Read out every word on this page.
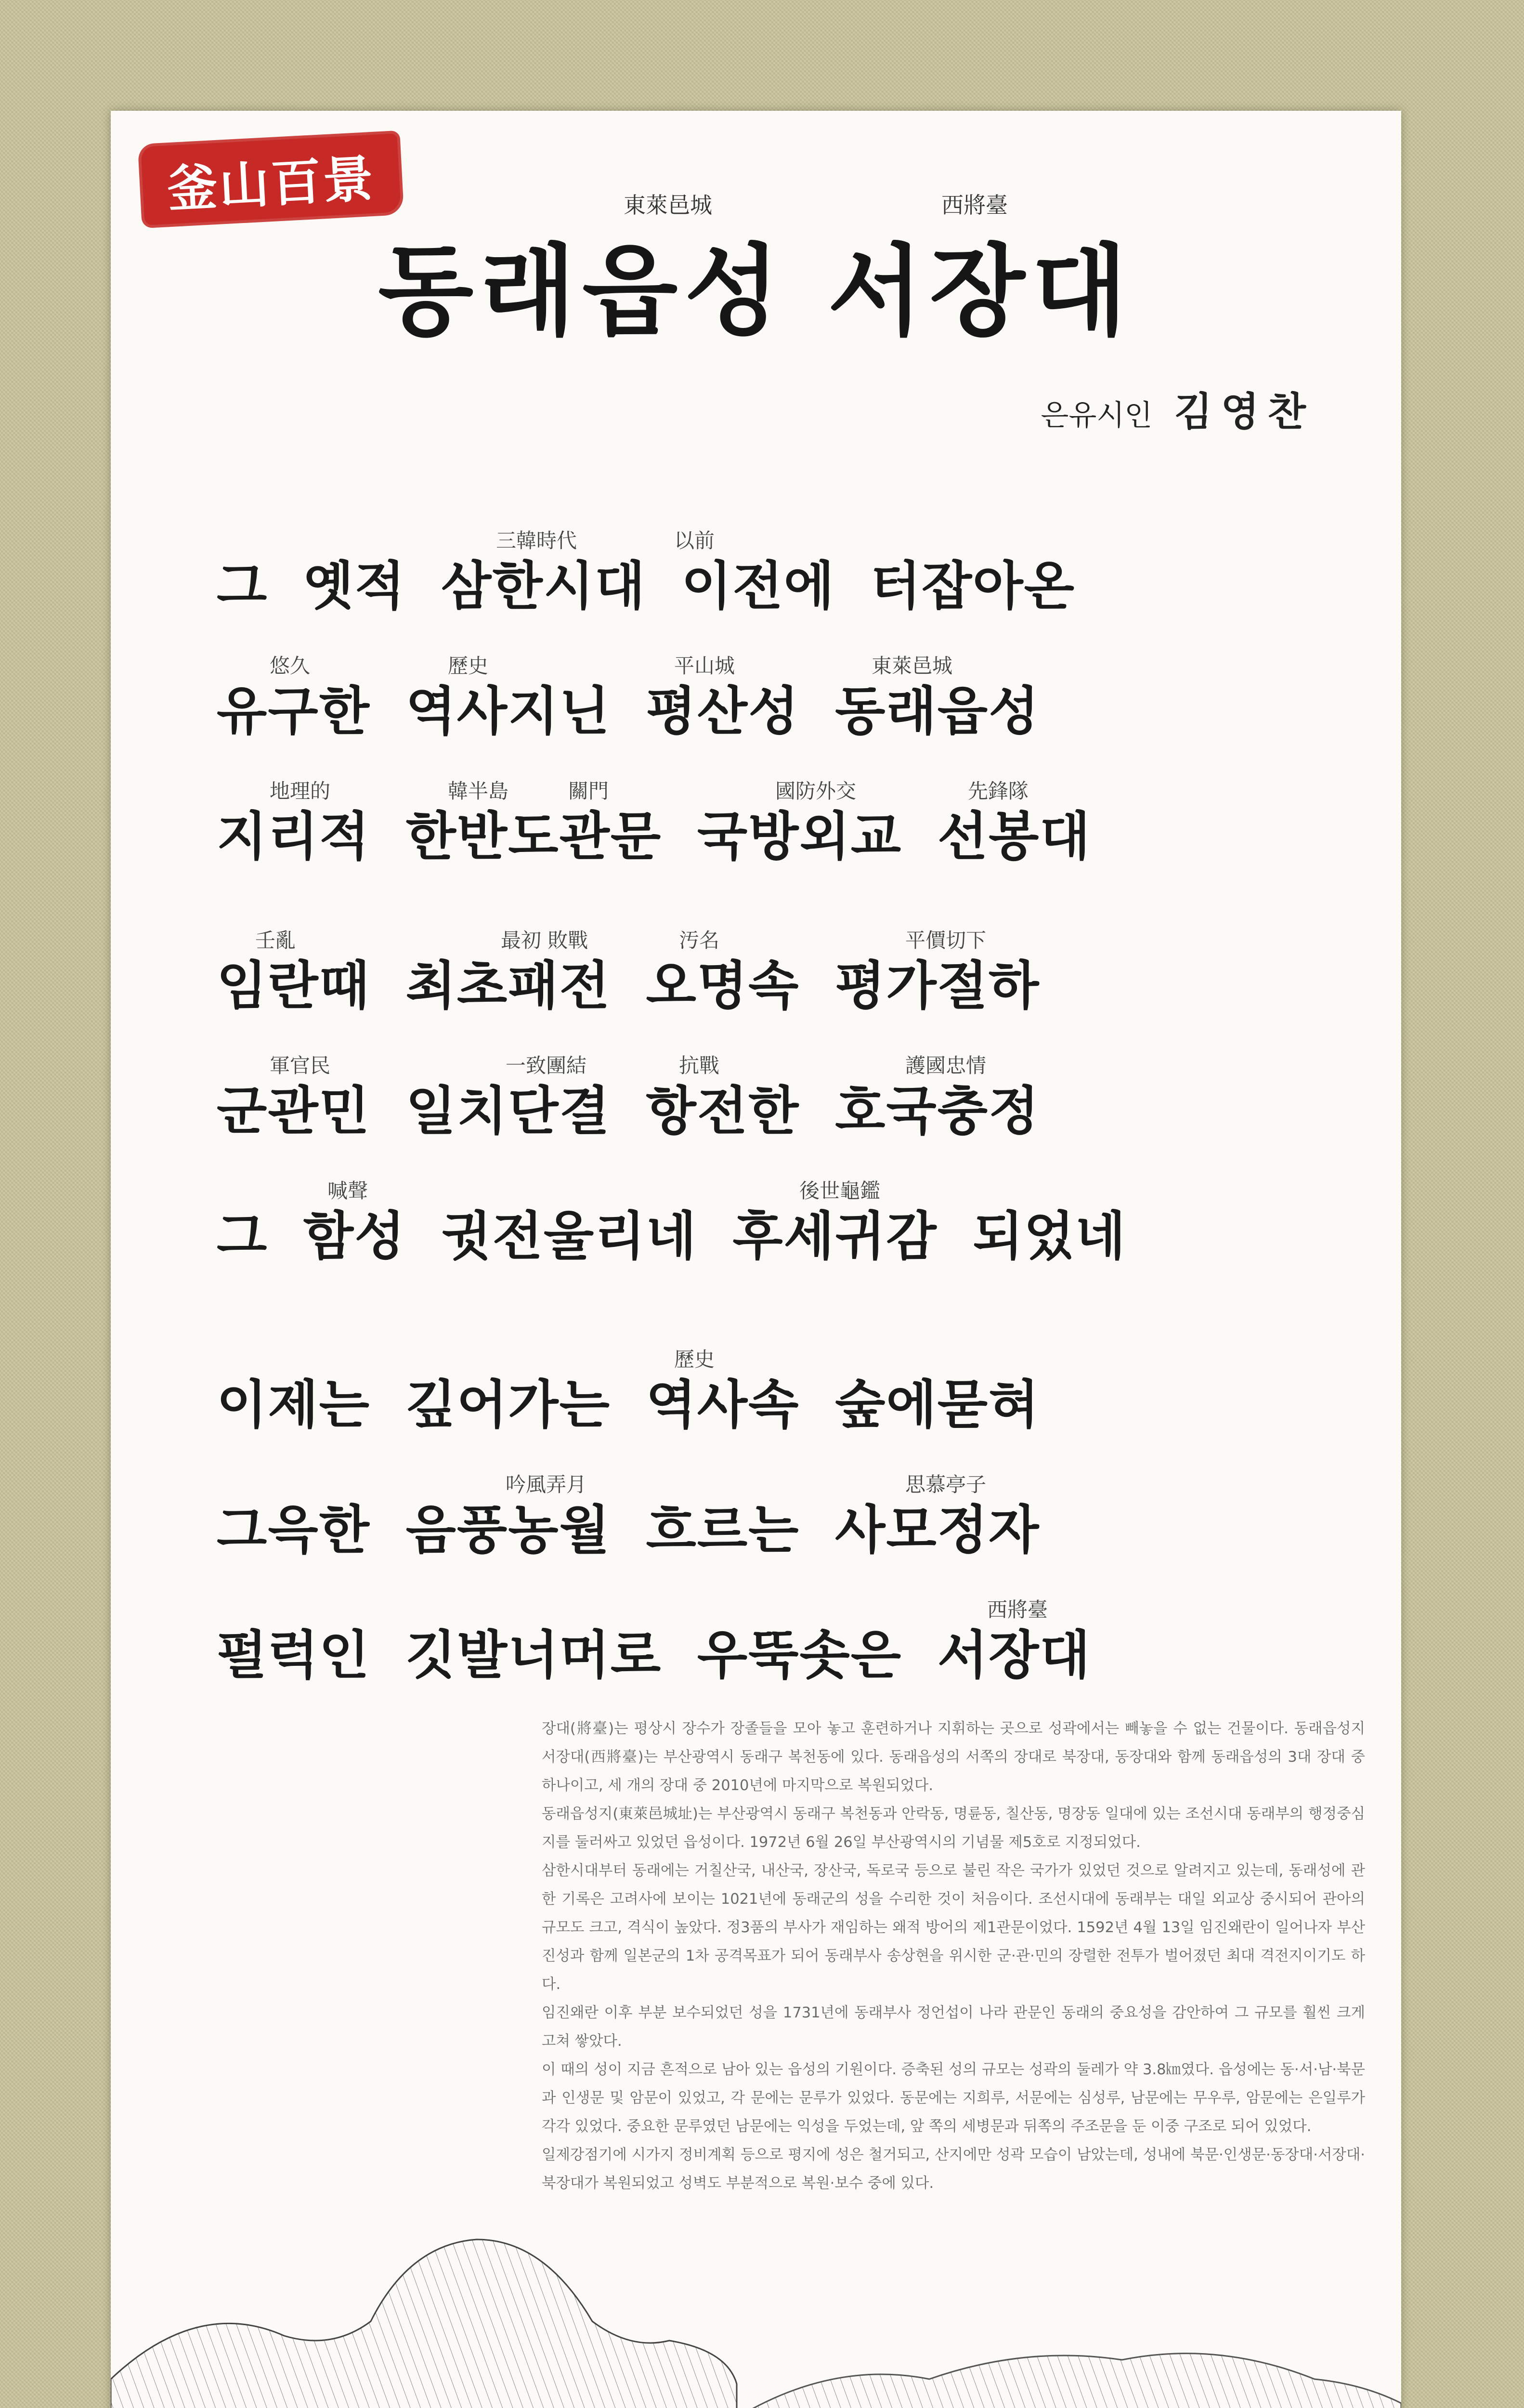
釜山百景	東萊邑城	西將臺
동래읍성 서장대
은유시인 김영찬
三韓時代	以前
그 옛적 삼한시대 이전에 터잡아온
悠久	歷史	平山城	東萊邑城
유구한 역사지닌 평산성 동래읍성
地理的	韓半島	關門	國防外交	先鋒隊
지리적 한반도관문 국방외교 선봉대
壬亂	最初 敗戰	汚名	平價切下
임란때 최초패전 오명속 평가절하
軍官民	一致團結	抗戰	護國忠情
군관민 일치단결 항전한 호국충정
喊聲	後世龜鑑
그 함성 귓전울리네 후세귀감 되었네
歷史
이제는 깊어가는 역사속 숲에묻혀
吟風弄月	思慕亭子
그윽한 음풍농월 흐르는 사모정자
西將臺
펄럭인 깃발너머로 우뚝솟은 서장대

장대(將臺)는 평상시 장수가 장졸들을 모아 놓고 훈련하거나 지휘하는 곳으로 성곽에서는 빼놓을 수 없는 건물이다. 동래읍성지 서장대(西將臺)는 부산광역시 동래구 복천동에 있다. 동래읍성의 서쪽의 장대로 북장대, 동장대와 함께 동래읍성의 3대 장대 중 하나이고, 세 개의 장대 중 2010년에 마지막으로 복원되었다.

동래읍성지(東萊邑城址)는 부산광역시 동래구 복천동과 안락동, 명륜동, 칠산동, 명장동 일대에 있는 조선시대 동래부의 행정중심지를 둘러싸고 있었던 읍성이다. 1972년 6월 26일 부산광역시의 기념물 제5호로 지정되었다.

삼한시대부터 동래에는 거칠산국, 내산국, 장산국, 독로국 등으로 불린 작은 국가가 있었던 것으로 알려지고 있는데, 동래성에 관한 기록은 고려사에 보이는 1021년에 동래군의 성을 수리한 것이 처음이다. 조선시대에 동래부는 대일 외교상 중시되어 관아의 규모도 크고, 격식이 높았다. 정3품의 부사가 재임하는 왜적 방어의 제1관문이었다. 1592년 4월 13일 임진왜란이 일어나자 부산진성과 함께 일본군의 1차 공격목표가 되어 동래부사 송상현을 위시한 군·관·민의 장렬한 전투가 벌어졌던 최대 격전지이기도 하다.

임진왜란 이후 부분 보수되었던 성을 1731년에 동래부사 정언섭이 나라 관문인 동래의 중요성을 감안하여 그 규모를 훨씬 크게 고쳐 쌓았다.

이 때의 성이 지금 흔적으로 남아 있는 읍성의 기원이다. 증축된 성의 규모는 성곽의 둘레가 약 3.8㎞였다. 읍성에는 동·서·남·북문과 인생문 및 암문이 있었고, 각 문에는 문루가 있었다. 동문에는 지희루, 서문에는 심성루, 남문에는 무우루, 암문에는 은일루가 각각 있었다. 중요한 문루였던 남문에는 익성을 두었는데, 앞 쪽의 세병문과 뒤쪽의 주조문을 둔 이중 구조로 되어 있었다.

일제강점기에 시가지 정비계획 등으로 평지에 성은 철거되고, 산지에만 성곽 모습이 남았는데, 성내에 북문·인생문·동장대·서장대·북장대가 복원되었고 성벽도 부분적으로 복원·보수 중에 있다.
